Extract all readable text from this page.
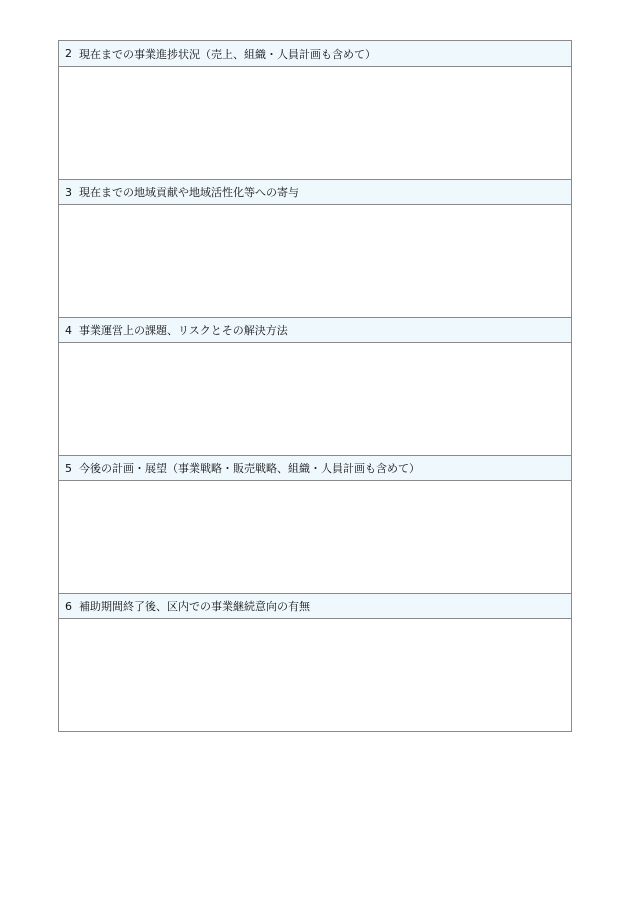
2 現在までの事業進捗状況（売上、組織・人員計画も含めて）
3 現在までの地域貢献や地域活性化等への寄与
4 事業運営上の課題、リスクとその解決方法
5 今後の計画・展望（事業戦略・販売戦略、組織・人員計画も含めて）
6 補助期間終了後、区内での事業継続意向の有無
